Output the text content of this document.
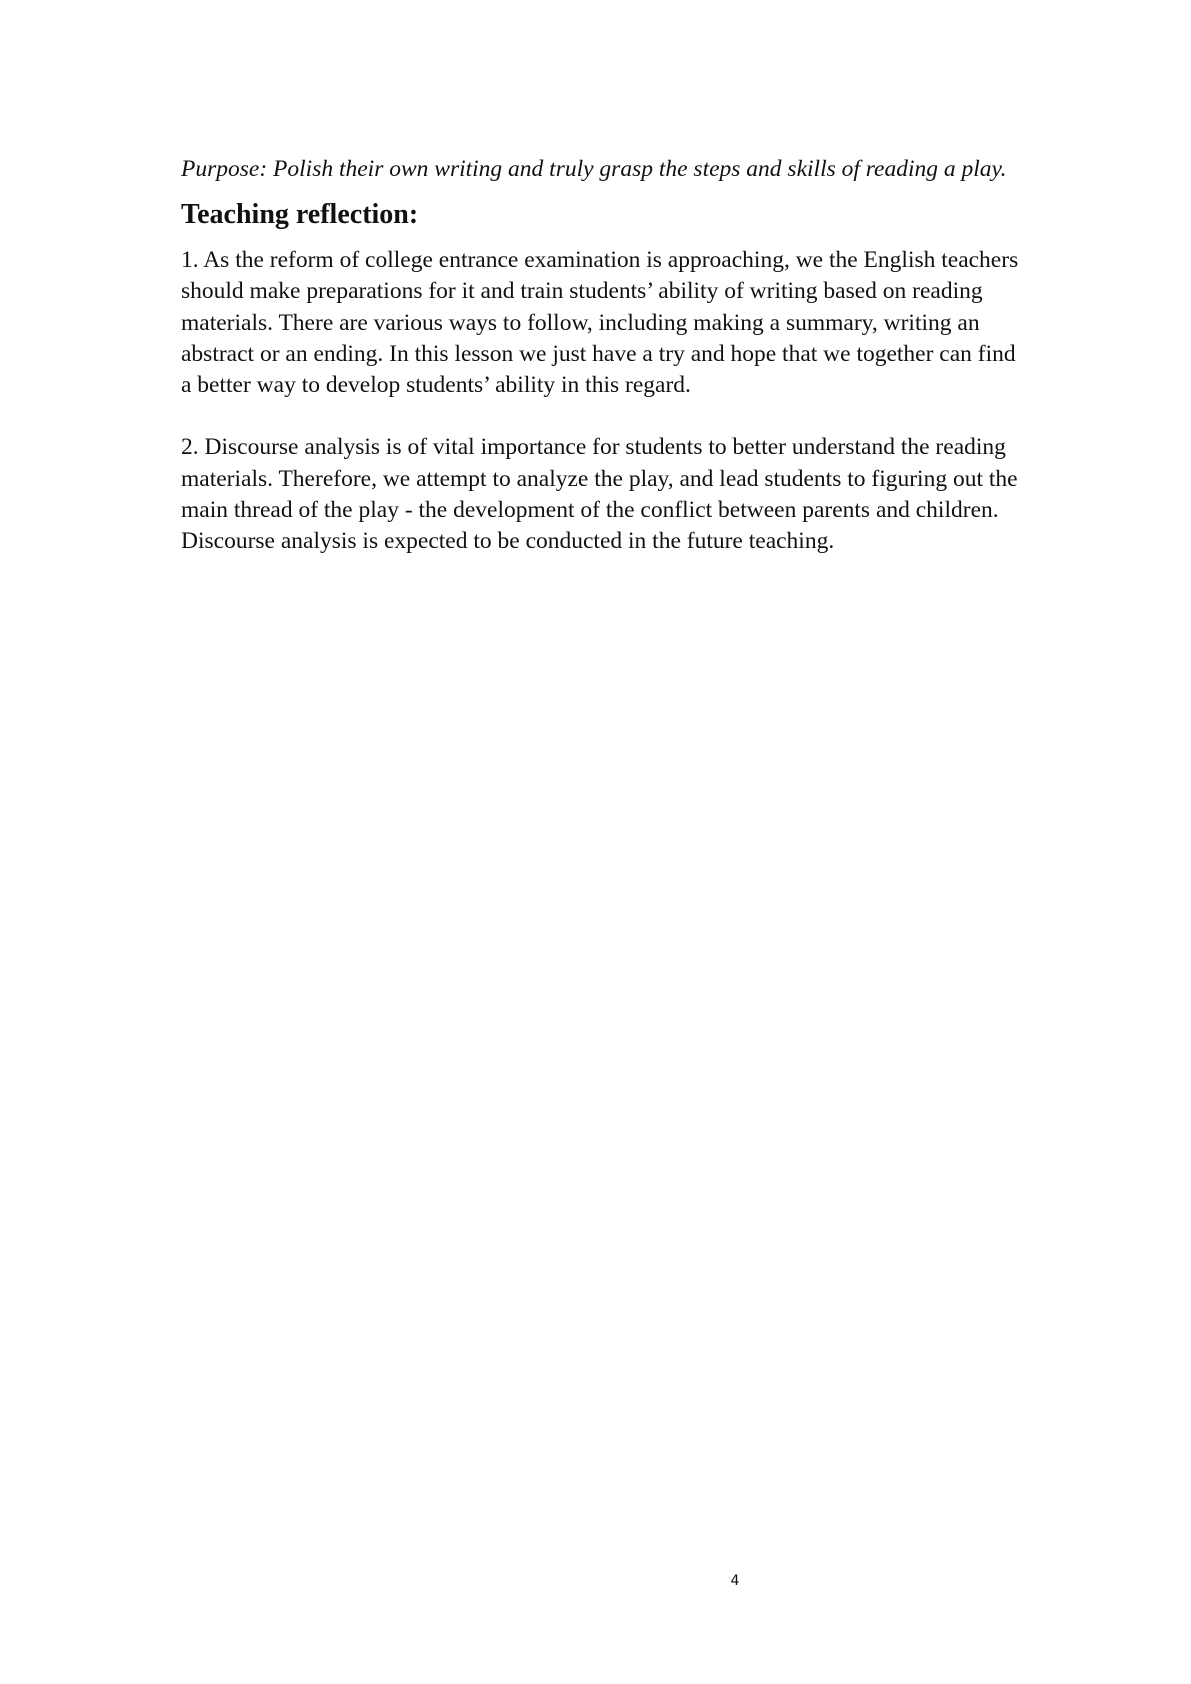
Purpose: Polish their own writing and truly grasp the steps and skills of reading a play.

Teaching reflection:

1. As the reform of college entrance examination is approaching, we the English teachers should make preparations for it and train students’ ability of writing based on reading materials. There are various ways to follow, including making a summary, writing an abstract or an ending. In this lesson we just have a try and hope that we together can find a better way to develop students’ ability in this regard.

2. Discourse analysis is of vital importance for students to better understand the reading materials. Therefore, we attempt to analyze the play, and lead students to figuring out the main thread of the play - the development of the conflict between parents and children. Discourse analysis is expected to be conducted in the future teaching.

4
